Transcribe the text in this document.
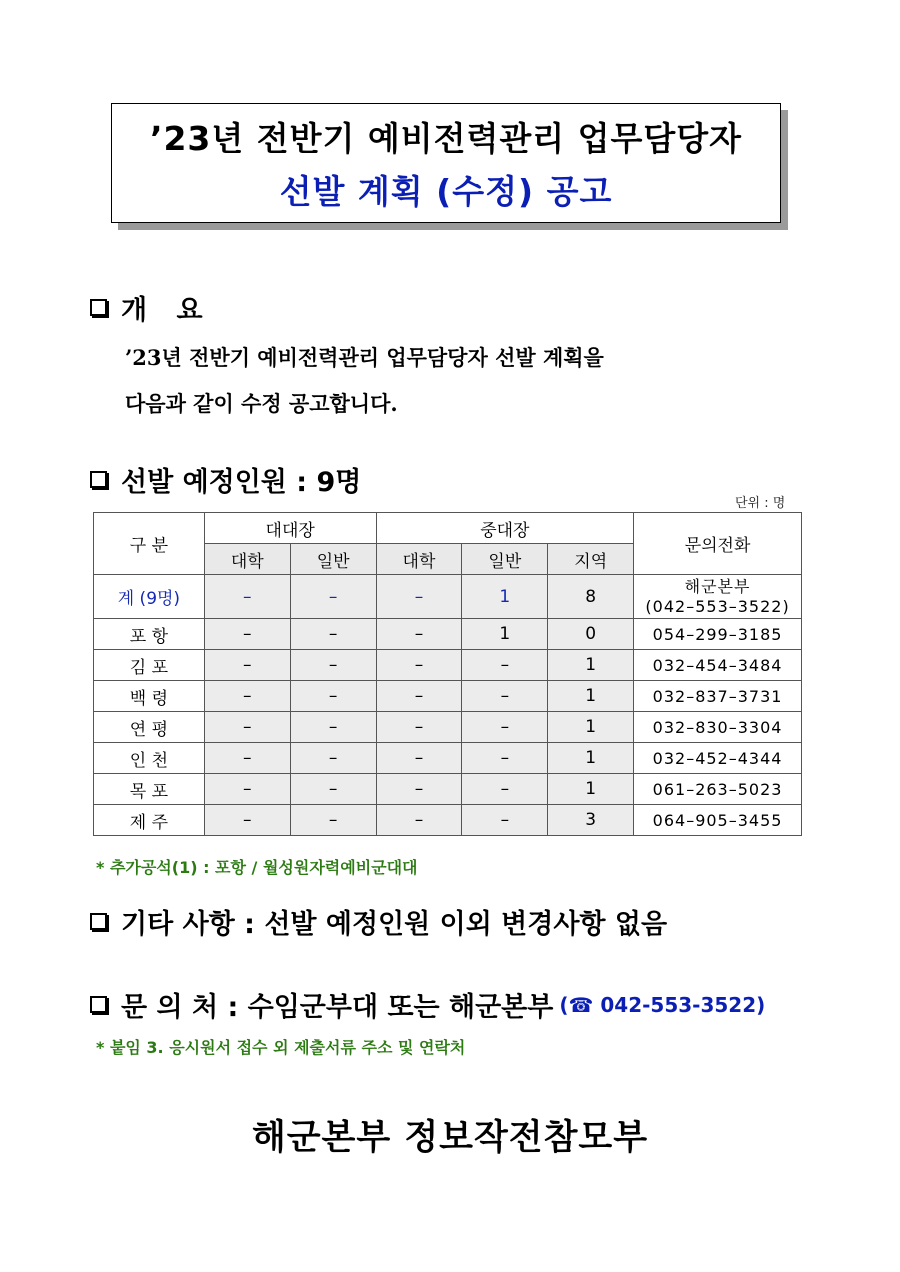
’23년 전반기 예비전력관리 업무담당자
선발 계획 (수정) 공고
개 요
’23년 전반기 예비전력관리 업무담당자 선발 계획을
다음과 같이 수정 공고합니다.
선발 예정인원 : 9명
단위 : 명
구 분	대대장		중대장			문의전화
	대학	일반	대학	일반	지역	
계 (9명)	–	–	–	1	8	해군본부
(042–553–3522)

포 항	–	–	–	1	0	054–299–3185
김 포	–	–	–	–	1	032–454–3484
백 령	–	–	–	–	1	032–837–3731
연 평	–	–	–	–	1	032–830–3304
인 천	–	–	–	–	1	032–452–4344
목 포	–	–	–	–	1	061–263–5023
제 주	–	–	–	–	3	064–905–3455
* 추가공석(1) : 포항 / 월성원자력예비군대대
기타 사항 : 선발 예정인원 이외 변경사항 없음
문 의 처 : 수임군부대 또는 해군본부 (☎ 042-553-3522)
* 붙임 3. 응시원서 접수 외 제출서류 주소 및 연락처
해군본부 정보작전참모부
